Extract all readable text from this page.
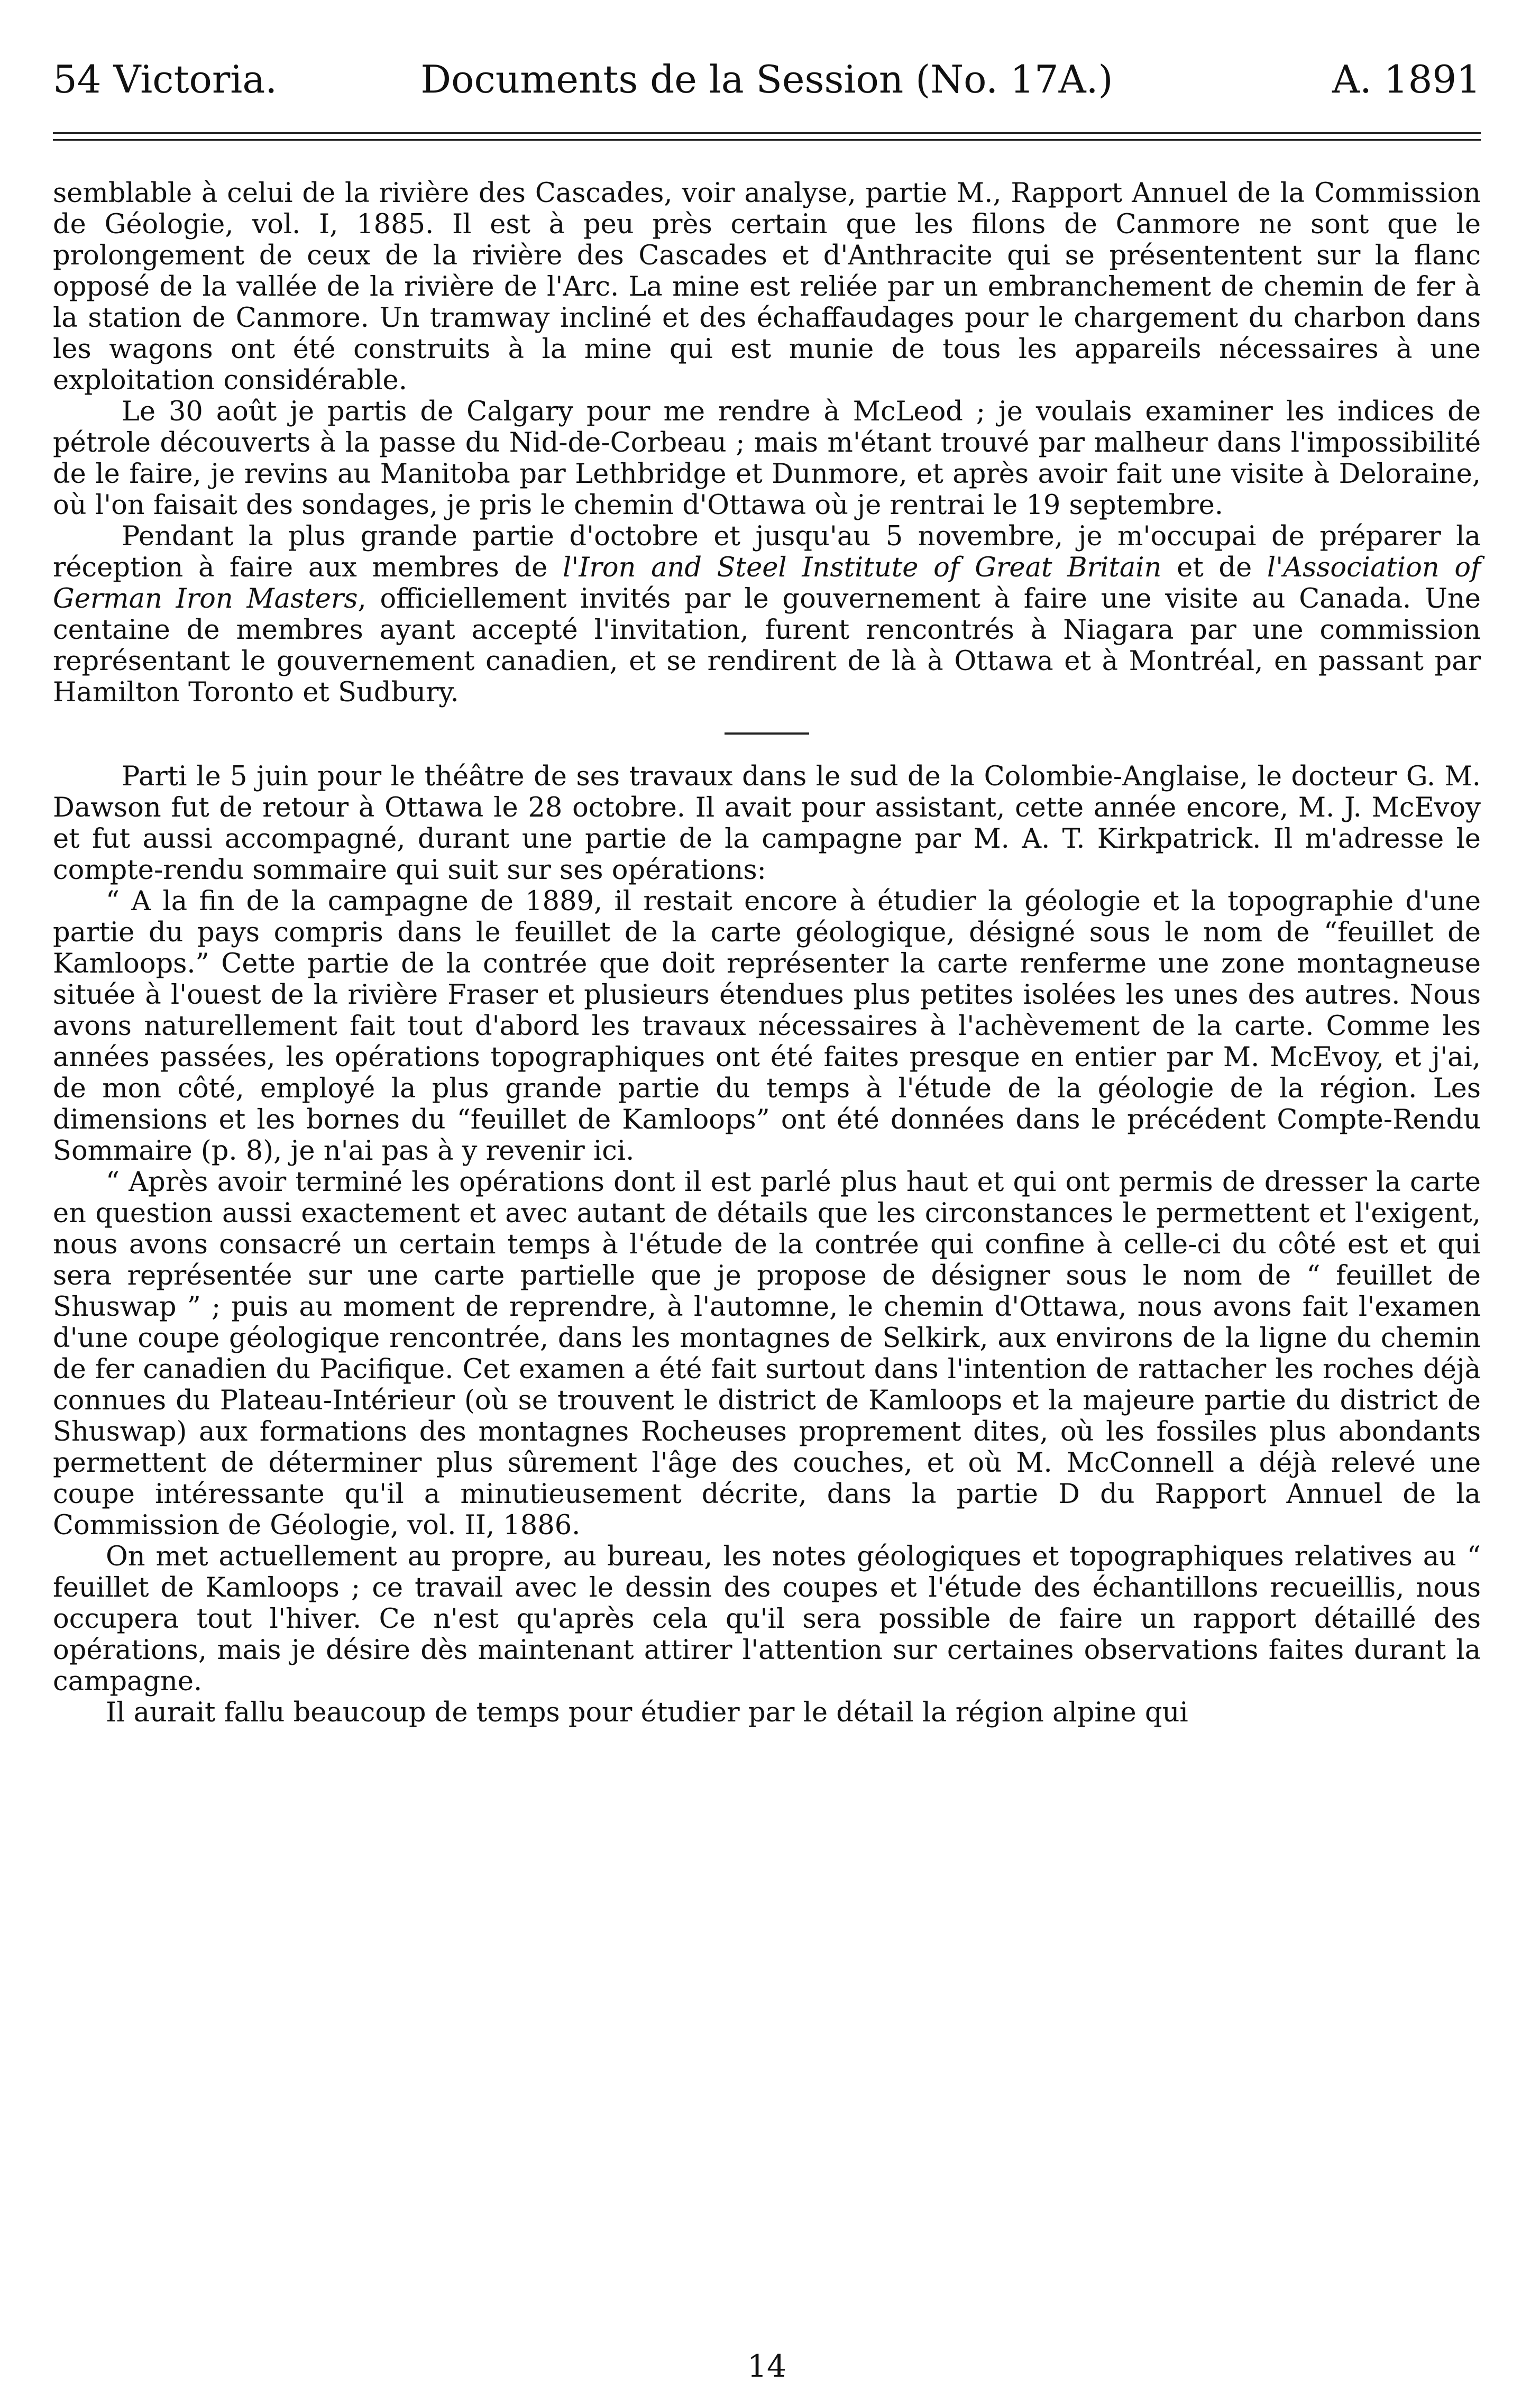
54 Victoria.	Documents de la Session (No. 17A.)	A. 1891

semblable à celui de la rivière des Cascades, voir analyse, partie M., Rapport Annuel de la Commission de Géologie, vol. I, 1885. Il est à peu près certain que les filons de Canmore ne sont que le prolongement de ceux de la rivière des Cascades et d'Anthracite qui se présententent sur la flanc opposé de la vallée de la rivière de l'Arc. La mine est reliée par un embranchement de chemin de fer à la station de Canmore. Un tramway incliné et des échaffaudages pour le chargement du charbon dans les wagons ont été construits à la mine qui est munie de tous les appareils nécessaires à une exploitation considérable.

Le 30 août je partis de Calgary pour me rendre à McLeod ; je voulais examiner les indices de pétrole découverts à la passe du Nid-de-Corbeau ; mais m'étant trouvé par malheur dans l'impossibilité de le faire, je revins au Manitoba par Lethbridge et Dunmore, et après avoir fait une visite à Deloraine, où l'on faisait des sondages, je pris le chemin d'Ottawa où je rentrai le 19 septembre.

Pendant la plus grande partie d'octobre et jusqu'au 5 novembre, je m'occupai de préparer la réception à faire aux membres de l'Iron and Steel Institute of Great Britain et de l'Association of German Iron Masters, officiellement invités par le gouvernement à faire une visite au Canada. Une centaine de membres ayant accepté l'invitation, furent rencontrés à Niagara par une commission représentant le gouvernement canadien, et se rendirent de là à Ottawa et à Montréal, en passant par Hamilton Toronto et Sudbury.

Parti le 5 juin pour le théâtre de ses travaux dans le sud de la Colombie-Anglaise, le docteur G. M. Dawson fut de retour à Ottawa le 28 octobre. Il avait pour assistant, cette année encore, M. J. McEvoy et fut aussi accompagné, durant une partie de la campagne par M. A. T. Kirkpatrick. Il m'adresse le compte-rendu sommaire qui suit sur ses opérations:

“ A la fin de la campagne de 1889, il restait encore à étudier la géologie et la topographie d'une partie du pays compris dans le feuillet de la carte géologique, désigné sous le nom de “feuillet de Kamloops.” Cette partie de la contrée que doit représenter la carte renferme une zone montagneuse située à l'ouest de la rivière Fraser et plusieurs étendues plus petites isolées les unes des autres. Nous avons naturellement fait tout d'abord les travaux nécessaires à l'achèvement de la carte. Comme les années passées, les opérations topographiques ont été faites presque en entier par M. McEvoy, et j'ai, de mon côté, employé la plus grande partie du temps à l'étude de la géologie de la région. Les dimensions et les bornes du “feuillet de Kamloops” ont été données dans le précédent Compte-Rendu Sommaire (p. 8), je n'ai pas à y revenir ici.

“ Après avoir terminé les opérations dont il est parlé plus haut et qui ont permis de dresser la carte en question aussi exactement et avec autant de détails que les circonstances le permettent et l'exigent, nous avons consacré un certain temps à l'étude de la contrée qui confine à celle-ci du côté est et qui sera représentée sur une carte partielle que je propose de désigner sous le nom de “ feuillet de Shuswap ” ; puis au moment de reprendre, à l'automne, le chemin d'Ottawa, nous avons fait l'examen d'une coupe géologique rencontrée, dans les montagnes de Selkirk, aux environs de la ligne du chemin de fer canadien du Pacifique. Cet examen a été fait surtout dans l'intention de rattacher les roches déjà connues du Plateau-Intérieur (où se trouvent le district de Kamloops et la majeure partie du district de Shuswap) aux formations des montagnes Rocheuses proprement dites, où les fossiles plus abondants permettent de déterminer plus sûrement l'âge des couches, et où M. McConnell a déjà relevé une coupe intéressante qu'il a minutieusement décrite, dans la partie D du Rapport Annuel de la Commission de Géologie, vol. II, 1886.

On met actuellement au propre, au bureau, les notes géologiques et topographiques relatives au “ feuillet de Kamloops ; ce travail avec le dessin des coupes et l'étude des échantillons recueillis, nous occupera tout l'hiver. Ce n'est qu'après cela qu'il sera possible de faire un rapport détaillé des opérations, mais je désire dès maintenant attirer l'attention sur certaines observations faites durant la campagne.

Il aurait fallu beaucoup de temps pour étudier par le détail la région alpine qui

14
